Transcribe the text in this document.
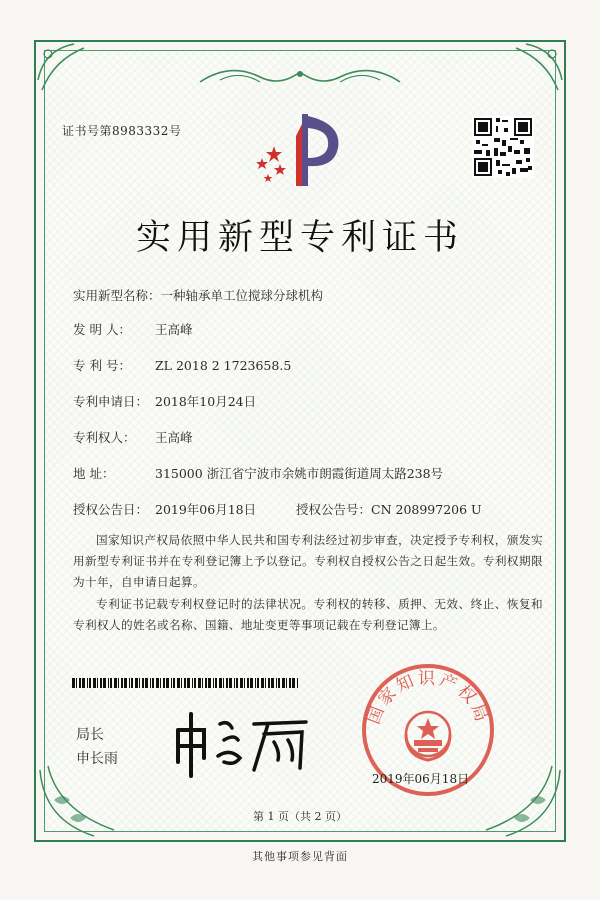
证书号第8983332号
实用新型专利证书
实用新型名称：一种轴承单工位搅球分球机构
发 明 人： 王高峰
专 利 号： ZL 2018 2 1723658.5
专利申请日： 2018年10月24日
专利权人： 王高峰
地 址：	315000 浙江省宁波市余姚市朗霞街道周太路238号
授权公告日： 2019年06月18日	授权公告号：CN 208997206 U
国家知识产权局依照中华人民共和国专利法经过初步审查，决定授予专利权，颁发实用新型专利证书并在专利登记簿上予以登记。专利权自授权公告之日起生效。专利权期限为十年，自申请日起算。
专利证书记载专利权登记时的法律状况。专利权的转移、质押、无效、终止、恢复和专利权人的姓名或名称、国籍、地址变更等事项记载在专利登记簿上。
局长
申长雨
国家知识产权局
2019年06月18日
第 1 页（共 2 页）
其他事项参见背面
